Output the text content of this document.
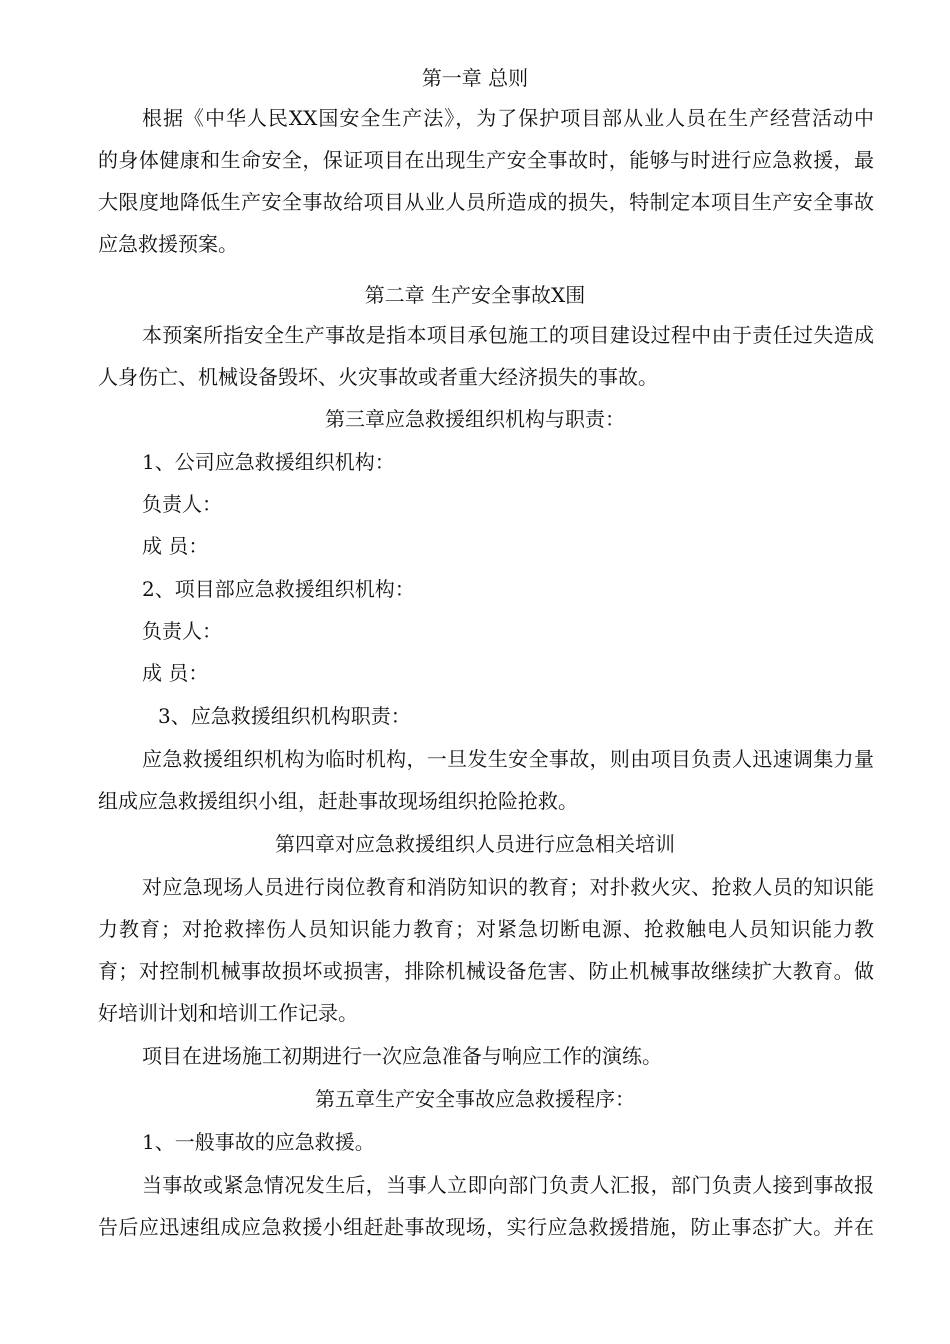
第一章 总则
根据《中华人民XX国安全生产法》，为了保护项目部从业人员在生产经营活动中
的身体健康和生命安全，保证项目在出现生产安全事故时，能够与时进行应急救援，最
大限度地降低生产安全事故给项目从业人员所造成的损失，特制定本项目生产安全事故
应急救援预案。
第二章 生产安全事故X围
本预案所指安全生产事故是指本项目承包施工的项目建设过程中由于责任过失造成
人身伤亡、机械设备毁坏、火灾事故或者重大经济损失的事故。
第三章应急救援组织机构与职责：
1、公司应急救援组织机构：
负责人：
成 员：
2、项目部应急救援组织机构：
负责人：
成 员：
3、应急救援组织机构职责：
应急救援组织机构为临时机构，一旦发生安全事故，则由项目负责人迅速调集力量
组成应急救援组织小组，赶赴事故现场组织抢险抢救。
第四章对应急救援组织人员进行应急相关培训
对应急现场人员进行岗位教育和消防知识的教育；对扑救火灾、抢救人员的知识能
力教育；对抢救摔伤人员知识能力教育；对紧急切断电源、抢救触电人员知识能力教
育；对控制机械事故损坏或损害，排除机械设备危害、防止机械事故继续扩大教育。做
好培训计划和培训工作记录。
项目在进场施工初期进行一次应急准备与响应工作的演练。
第五章生产安全事故应急救援程序：
1、一般事故的应急救援。
当事故或紧急情况发生后，当事人立即向部门负责人汇报，部门负责人接到事故报
告后应迅速组成应急救援小组赶赴事故现场，实行应急救援措施，防止事态扩大。并在
